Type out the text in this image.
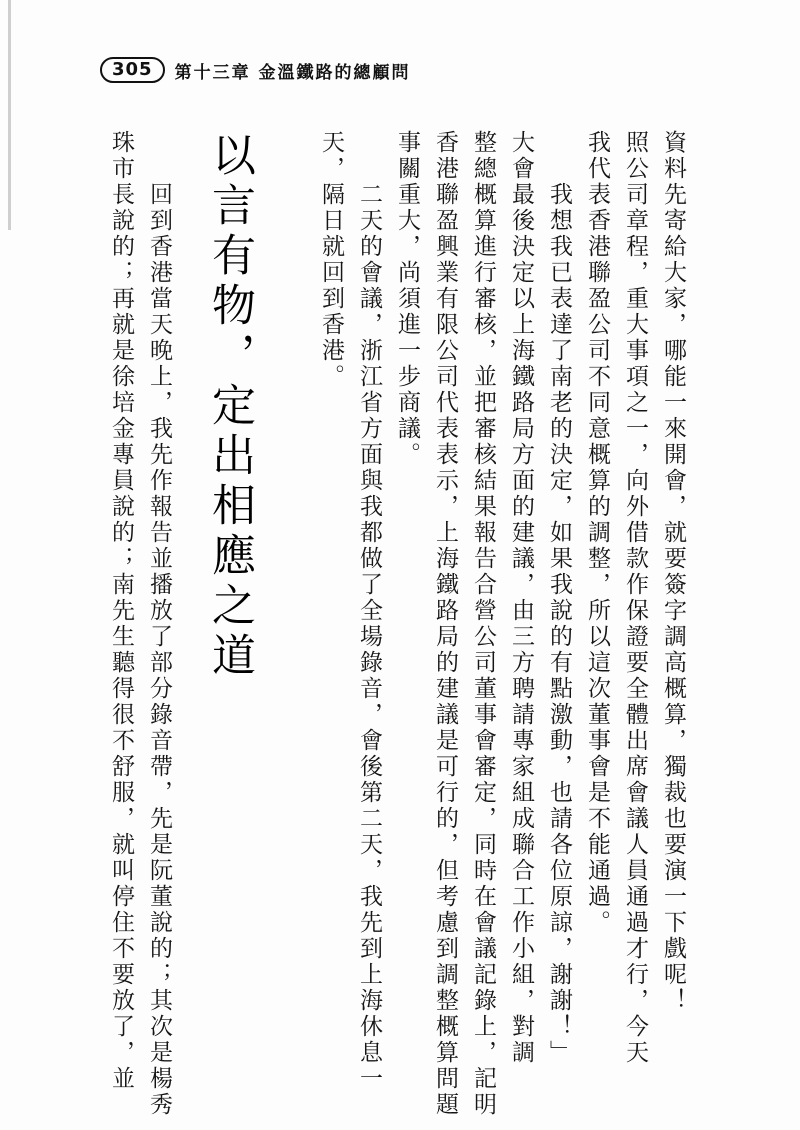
305	第十三章 金溫鐵路的總顧問
以言有物，定出相應之道	資料先寄給大家，哪能一來開會，就要簽字調高概算，獨裁也要演一下戲呢！
照公司章程，重大事項之一，向外借款作保證要全體出席會議人員通過才行，今天
我代表香港聯盈公司不同意概算的調整，所以這次董事會是不能通過。
我想我已表達了南老的決定，如果我說的有點激動，也請各位原諒，謝謝！」
大會最後決定以上海鐵路局方面的建議，由三方聘請專家組成聯合工作小組，對調
整總概算進行審核，並把審核結果報告合營公司董事會審定，同時在會議記錄上，記明
香港聯盈興業有限公司代表表示，上海鐵路局的建議是可行的，但考慮到調整概算問題
事關重大，尚須進一步商議。
二天的會議，浙江省方面與我都做了全場錄音，會後第二天，我先到上海休息一
天，隔日就回到香港。
回到香港當天晚上，我先作報告並播放了部分錄音帶，先是阮董說的；其次是楊秀
珠市長說的；再就是徐培金專員說的；南先生聽得很不舒服，就叫停住不要放了，並
